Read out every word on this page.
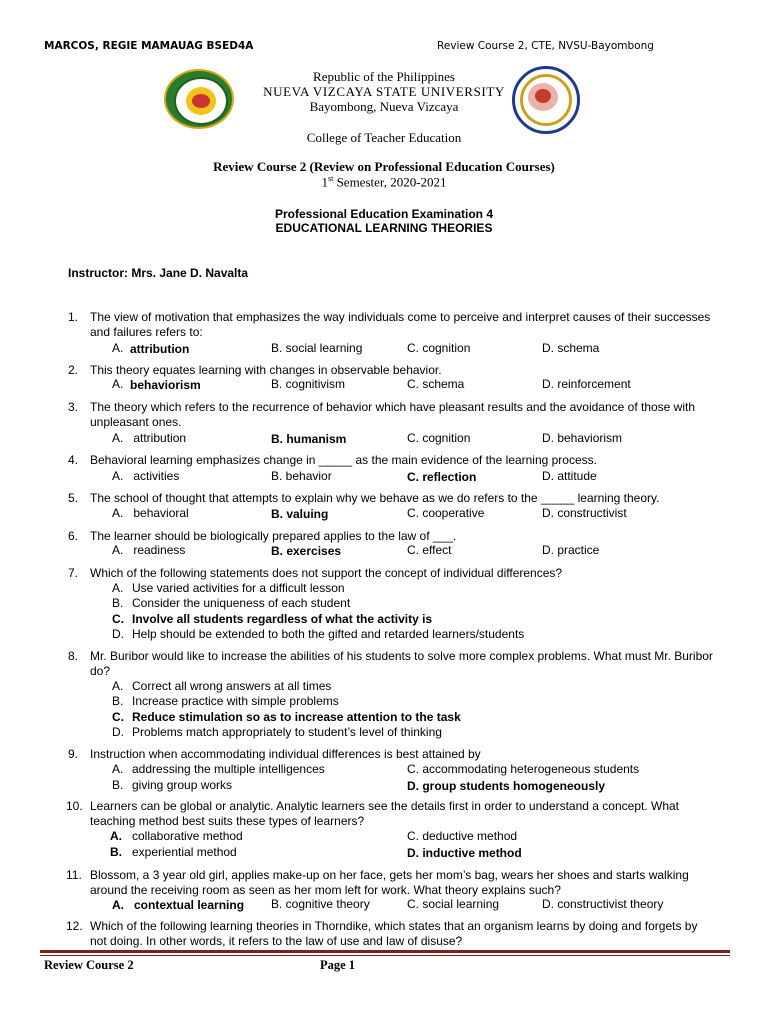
MARCOS, REGIE MAMAUAG BSED4A	Review Course 2, CTE, NVSU-Bayombong
Republic of the Philippines
NUEVA VIZCAYA STATE UNIVERSITY
Bayombong, Nueva Vizcaya
College of Teacher Education
Review Course 2 (Review on Professional Education Courses)
1st Semester, 2020-2021
Professional Education Examination 4
EDUCATIONAL LEARNING THEORIES
Instructor: Mrs. Jane D. Navalta
1. The view of motivation that emphasizes the way individuals come to perceive and interpret causes of their successes and failures refers to:
A. attribution	B. social learning	C. cognition	D. schema
2. This theory equates learning with changes in observable behavior.
A. behaviorism	B. cognitivism	C. schema	D. reinforcement
3. The theory which refers to the recurrence of behavior which have pleasant results and the avoidance of those with unpleasant ones.
A.   attribution	B. humanism	C. cognition	D. behaviorism
4. Behavioral learning emphasizes change in _____ as the main evidence of the learning process.
A.   activities	B. behavior	C. reflection	D. attitude
5. The school of thought that attempts to explain why we behave as we do refers to the _____ learning theory.
A.   behavioral	B. valuing	C. cooperative	D. constructivist
6. The learner should be biologically prepared applies to the law of ___.
A.   readiness	B. exercises	C. effect	D. practice
7. Which of the following statements does not support the concept of individual differences?
A. Use varied activities for a difficult lesson
B. Consider the uniqueness of each student
C. Involve all students regardless of what the activity is
D. Help should be extended to both the gifted and retarded learners/students
8. Mr. Buribor would like to increase the abilities of his students to solve more complex problems. What must Mr. Buribor do?
A. Correct all wrong answers at all times
B. Increase practice with simple problems
C. Reduce stimulation so as to increase attention to the task
D. Problems match appropriately to student’s level of thinking
9. Instruction when accommodating individual differences is best attained by
A. addressing the multiple intelligences	C. accommodating heterogeneous students
B. giving group works	D. group students homogeneously
10. Learners can be global or analytic. Analytic learners see the details first in order to understand a concept. What teaching method best suits these types of learners?
A. collaborative method	C. deductive method
B. experiential method	D. inductive method
11. Blossom, a 3 year old girl, applies make-up on her face, gets her mom’s bag, wears her shoes and starts walking around the receiving room as seen as her mom left for work. What theory explains such?
A.   contextual learning B. cognitive theory	C. social learning	D. constructivist theory
12. Which of the following learning theories in Thorndike, which states that an organism learns by doing and forgets by not doing. In other words, it refers to the law of use and law of disuse?
Review Course 2	Page 1
